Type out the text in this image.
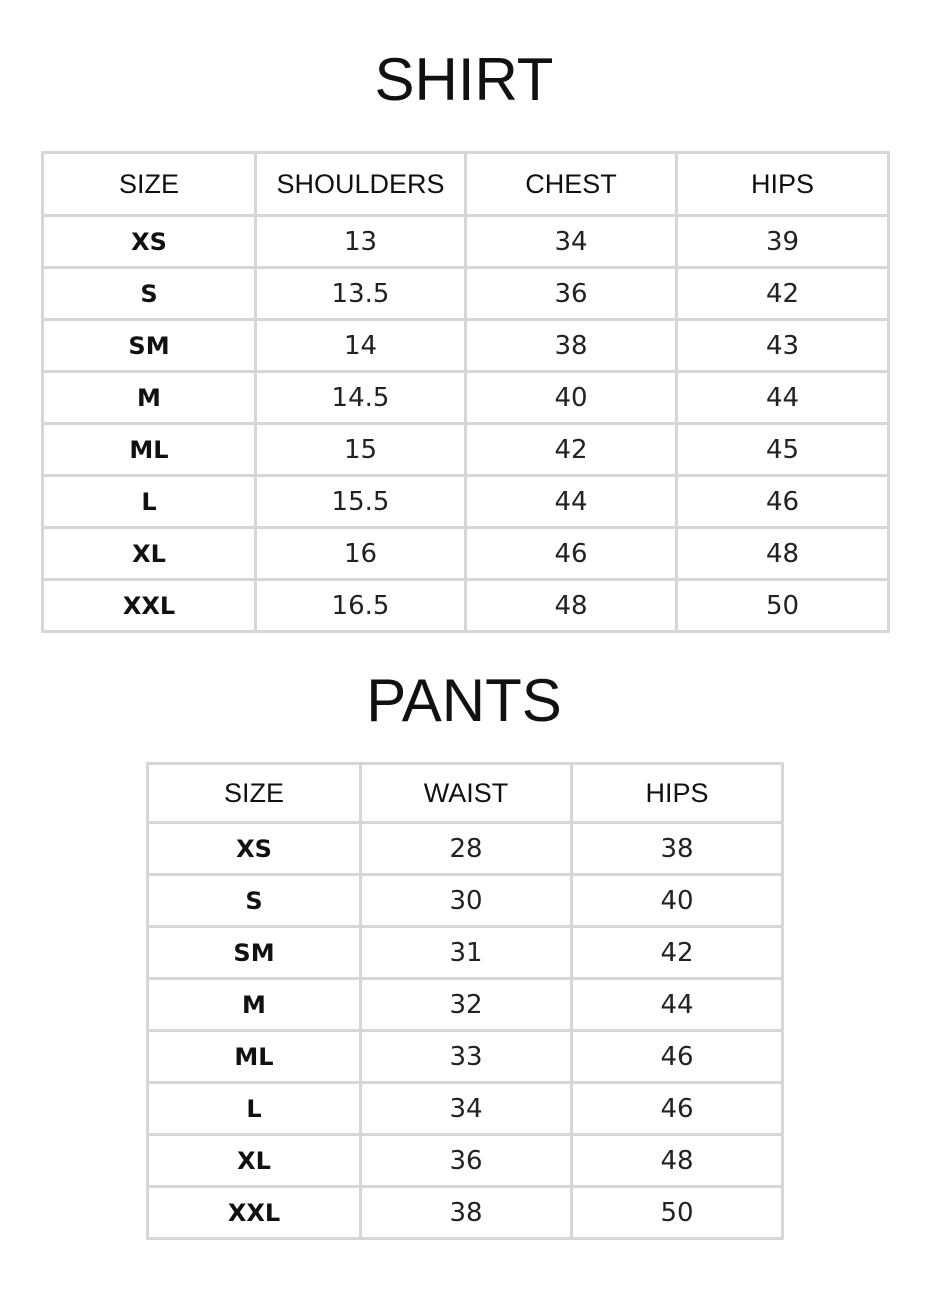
SHIRT
SIZE	SHOULDERS	CHEST	HIPS
XS	13	34	39
S	13.5	36	42
SM	14	38	43
M	14.5	40	44
ML	15	42	45
L	15.5	44	46
XL	16	46	48
XXL	16.5	48	50
PANTS
SIZE	WAIST	HIPS
XS	28	38
S	30	40
SM	31	42
M	32	44
ML	33	46
L	34	46
XL	36	48
XXL	38	50
